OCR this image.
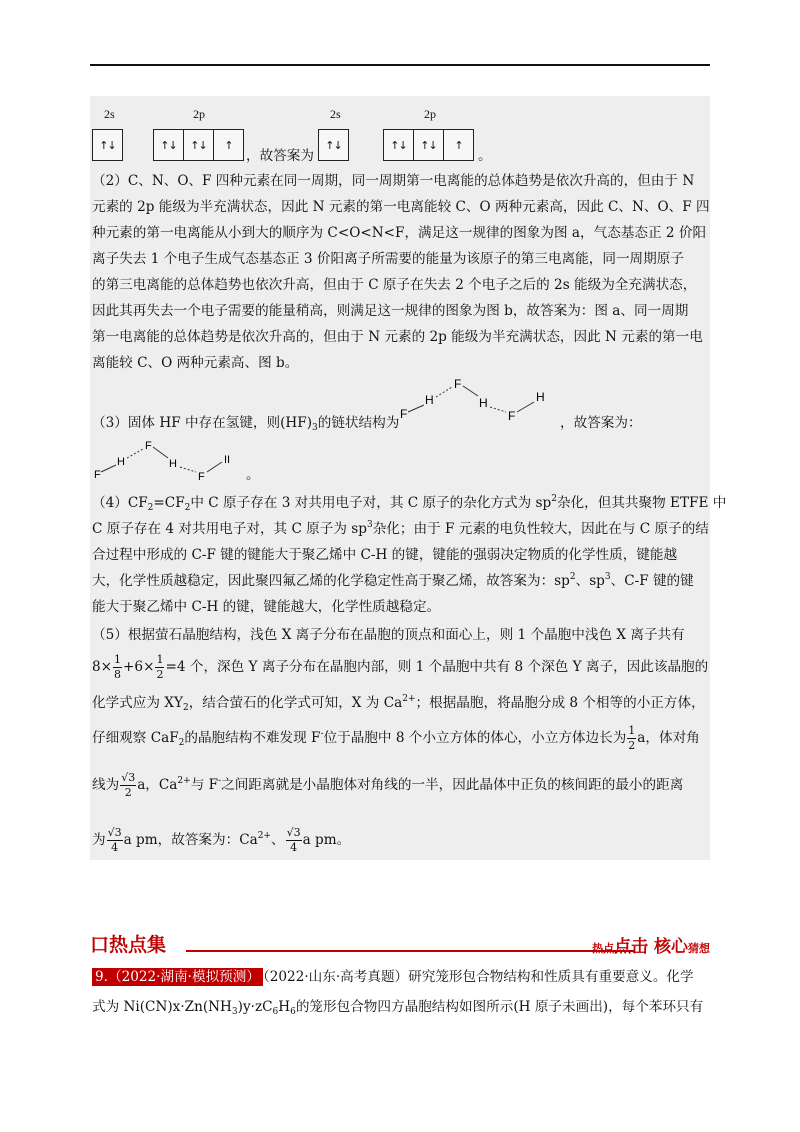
2s	2p
↑↓	↑↓	↑↓	↑
，故答案为
2s	2p
↑↓	↑↓	↑↓	↑
。
（2）C、N、O、F 四种元素在同一周期，同一周期第一电离能的总体趋势是依次升高的，但由于 N
元素的 2p 能级为半充满状态，因此 N 元素的第一电离能较 C、O 两种元素高，因此 C、N、O、F 四
种元素的第一电离能从小到大的顺序为 C<O<N<F，满足这一规律的图象为图 a，气态基态正 2 价阳
离子失去 1 个电子生成气态基态正 3 价阳离子所需要的能量为该原子的第三电离能，同一周期原子
的第三电离能的总体趋势也依次升高，但由于 C 原子在失去 2 个电子之后的 2s 能级为全充满状态，
因此其再失去一个电子需要的能量稍高，则满足这一规律的图象为图 b，故答案为：图 a、同一周期
第一电离能的总体趋势是依次升高的，但由于 N 元素的 2p 能级为半充满状态，因此 N 元素的第一电
离能较 C、O 两种元素高、图 b。
（3）固体 HF 中存在氢键，则$(HF)_3$的链状结构为
F
H
F
H
F
H
，故答案为：
F
H
F
H
F
II
。
$(4)CF_2=CF_2$中 C 原子存在 3 对共用电子对，其 C 原子的杂化方式为 $sp^2$杂化，但其共聚物 ETFE 中
C 原子存在 4 对共用电子对，其 C 原子为 $sp^3$杂化；由于 F 元素的电负性较大，因此在与 C 原子的结
合过程中形成的 C-F 键的键能大于聚乙烯中 C-H 的键，键能的强弱决定物质的化学性质，键能越
大，化学性质越稳定，因此聚四氟乙烯的化学稳定性高于聚乙烯，故答案为：$sp^2$、$sp^3$、C-F 键的键
能大于聚乙烯中 C-H 的键，键能越大，化学性质越稳定。
（5）根据萤石晶胞结构，浅色 X 离子分布在晶胞的顶点和面心上，则 1 个晶胞中浅色 X 离子共有
$8\times \frac{1}{8} +6\times \frac{1}{2} =4$ 个，深色 Y 离子分布在晶胞内部，则 1 个晶胞中共有 8 个深色 Y 离子，因此该晶胞的
化学式应为 $XY_2$，结合萤石的化学式可知，X 为 $Ca^{2+}$；根据晶胞，将晶胞分成 8 个相等的小正方体，
仔细观察 CaF$_2$的晶胞结构不难发现 F-位于晶胞中 8 个小立方体的体心，小立方体边长为 $\frac{1}{2}$ a，体对角
线为 $\frac{√3}{2}$ a，$Ca^{2+}$与 F-之间距离就是小晶胞体对角线的一半，因此晶体中正负的核间距的最小的距离
为 $\frac{√3}{4}$ a pm，故答案为：$Ca^{2+}$、 $\frac{√3}{4}$ a pm。
口热点集	热点点击 核心猜想
9.（2022·湖南·模拟预测） （2022·山东·高考真题）研究笼形包合物结构和性质具有重要意义。化学
式为 $Ni(CN)x\cdot Zn(NH_3)y\cdot zC_6H_6$的笼形包合物四方晶胞结构如图所示(H 原子未画出)，每个苯环只有
